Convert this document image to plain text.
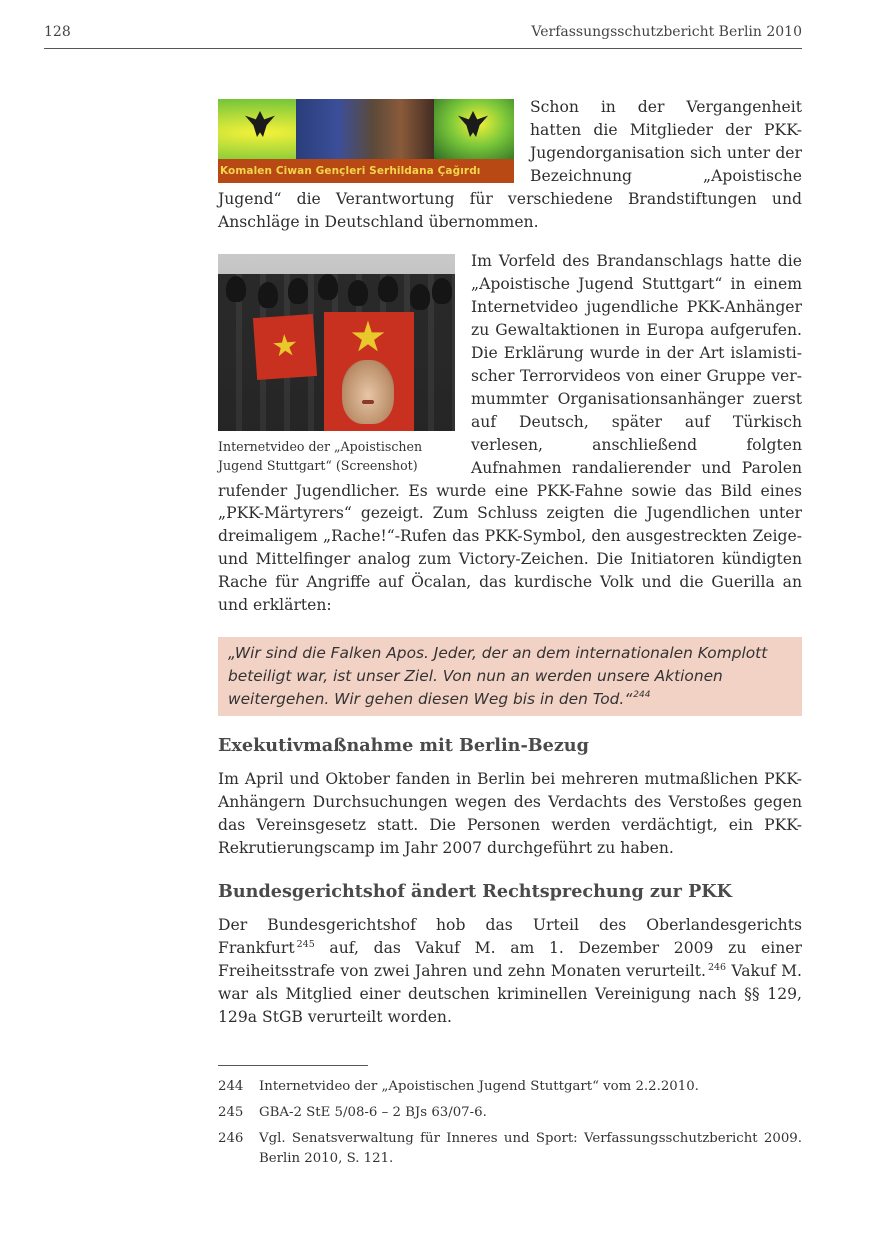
128	Verfassungsschutzbericht Berlin 2010
Komalen Ciwan Gençleri Serhildana Çağırdı

Schon in der Vergangenheit hatten die Mitglieder der PKK-Jugendorganisation sich unter der Bezeichnung „Apoistische Jugend“ die Verantwortung für verschiedene Brandstiftungen und Anschläge in Deutschland übernommen.

Internetvideo der „Apoistischen Jugend Stuttgart“ (Screenshot)

Im Vorfeld des Brandanschlags hatte die „Apoistische Jugend Stuttgart“ in einem Internetvideo jugendliche PKK-Anhänger zu Gewaltaktionen in Europa aufgerufen. Die Erklärung wurde in der Art islamistischer Terrorvideos von einer Gruppe vermummter Organisationsanhänger zuerst auf Deutsch, später auf Türkisch verlesen, anschließend folgten Aufnahmen randalierender und Parolen rufender Jugendlicher. Es wurde eine PKK-Fahne sowie das Bild eines „PKK-Märtyrers“ gezeigt. Zum Schluss zeigten die Jugendlichen unter dreimaligem „Rache!“-Rufen das PKK-Symbol, den ausgestreckten Zeige- und Mittelfinger analog zum Victory-Zeichen. Die Initiatoren kündigten Rache für Angriffe auf Öcalan, das kurdische Volk und die Guerilla an und erklärten:

„Wir sind die Falken Apos. Jeder, der an dem internationalen Komplott beteiligt war, ist unser Ziel. Von nun an werden unsere Aktionen weitergehen. Wir gehen diesen Weg bis in den Tod.“$^{244}$
Exekutivmaßnahme mit Berlin-Bezug

Im April und Oktober fanden in Berlin bei mehreren mutmaßlichen PKK-Anhängern Durchsuchungen wegen des Verdachts des Verstoßes gegen das Vereinsgesetz statt. Die Personen werden verdächtigt, ein PKK-Rekrutierungscamp im Jahr 2007 durchgeführt zu haben.

Bundesgerichtshof ändert Rechtsprechung zur PKK

Der Bundesgerichtshof hob das Urteil des Oberlandesgerichts Frankfurt $^{245}$ auf, das Vakuf M. am 1. Dezember 2009 zu einer Freiheitsstrafe von zwei Jahren und zehn Monaten verurteilt. $^{246}$ Vakuf M. war als Mitglied einer deutschen kriminellen Vereinigung nach §§ 129, 129a StGB verurteilt worden.

244	Internetvideo der „Apoistischen Jugend Stuttgart“ vom 2.2.2010.
245	GBA-2 StE 5/08-6 – 2 BJs 63/07-6.
246	Vgl. Senatsverwaltung für Inneres und Sport: Verfassungsschutzbericht 2009. Berlin 2010, S. 121.
